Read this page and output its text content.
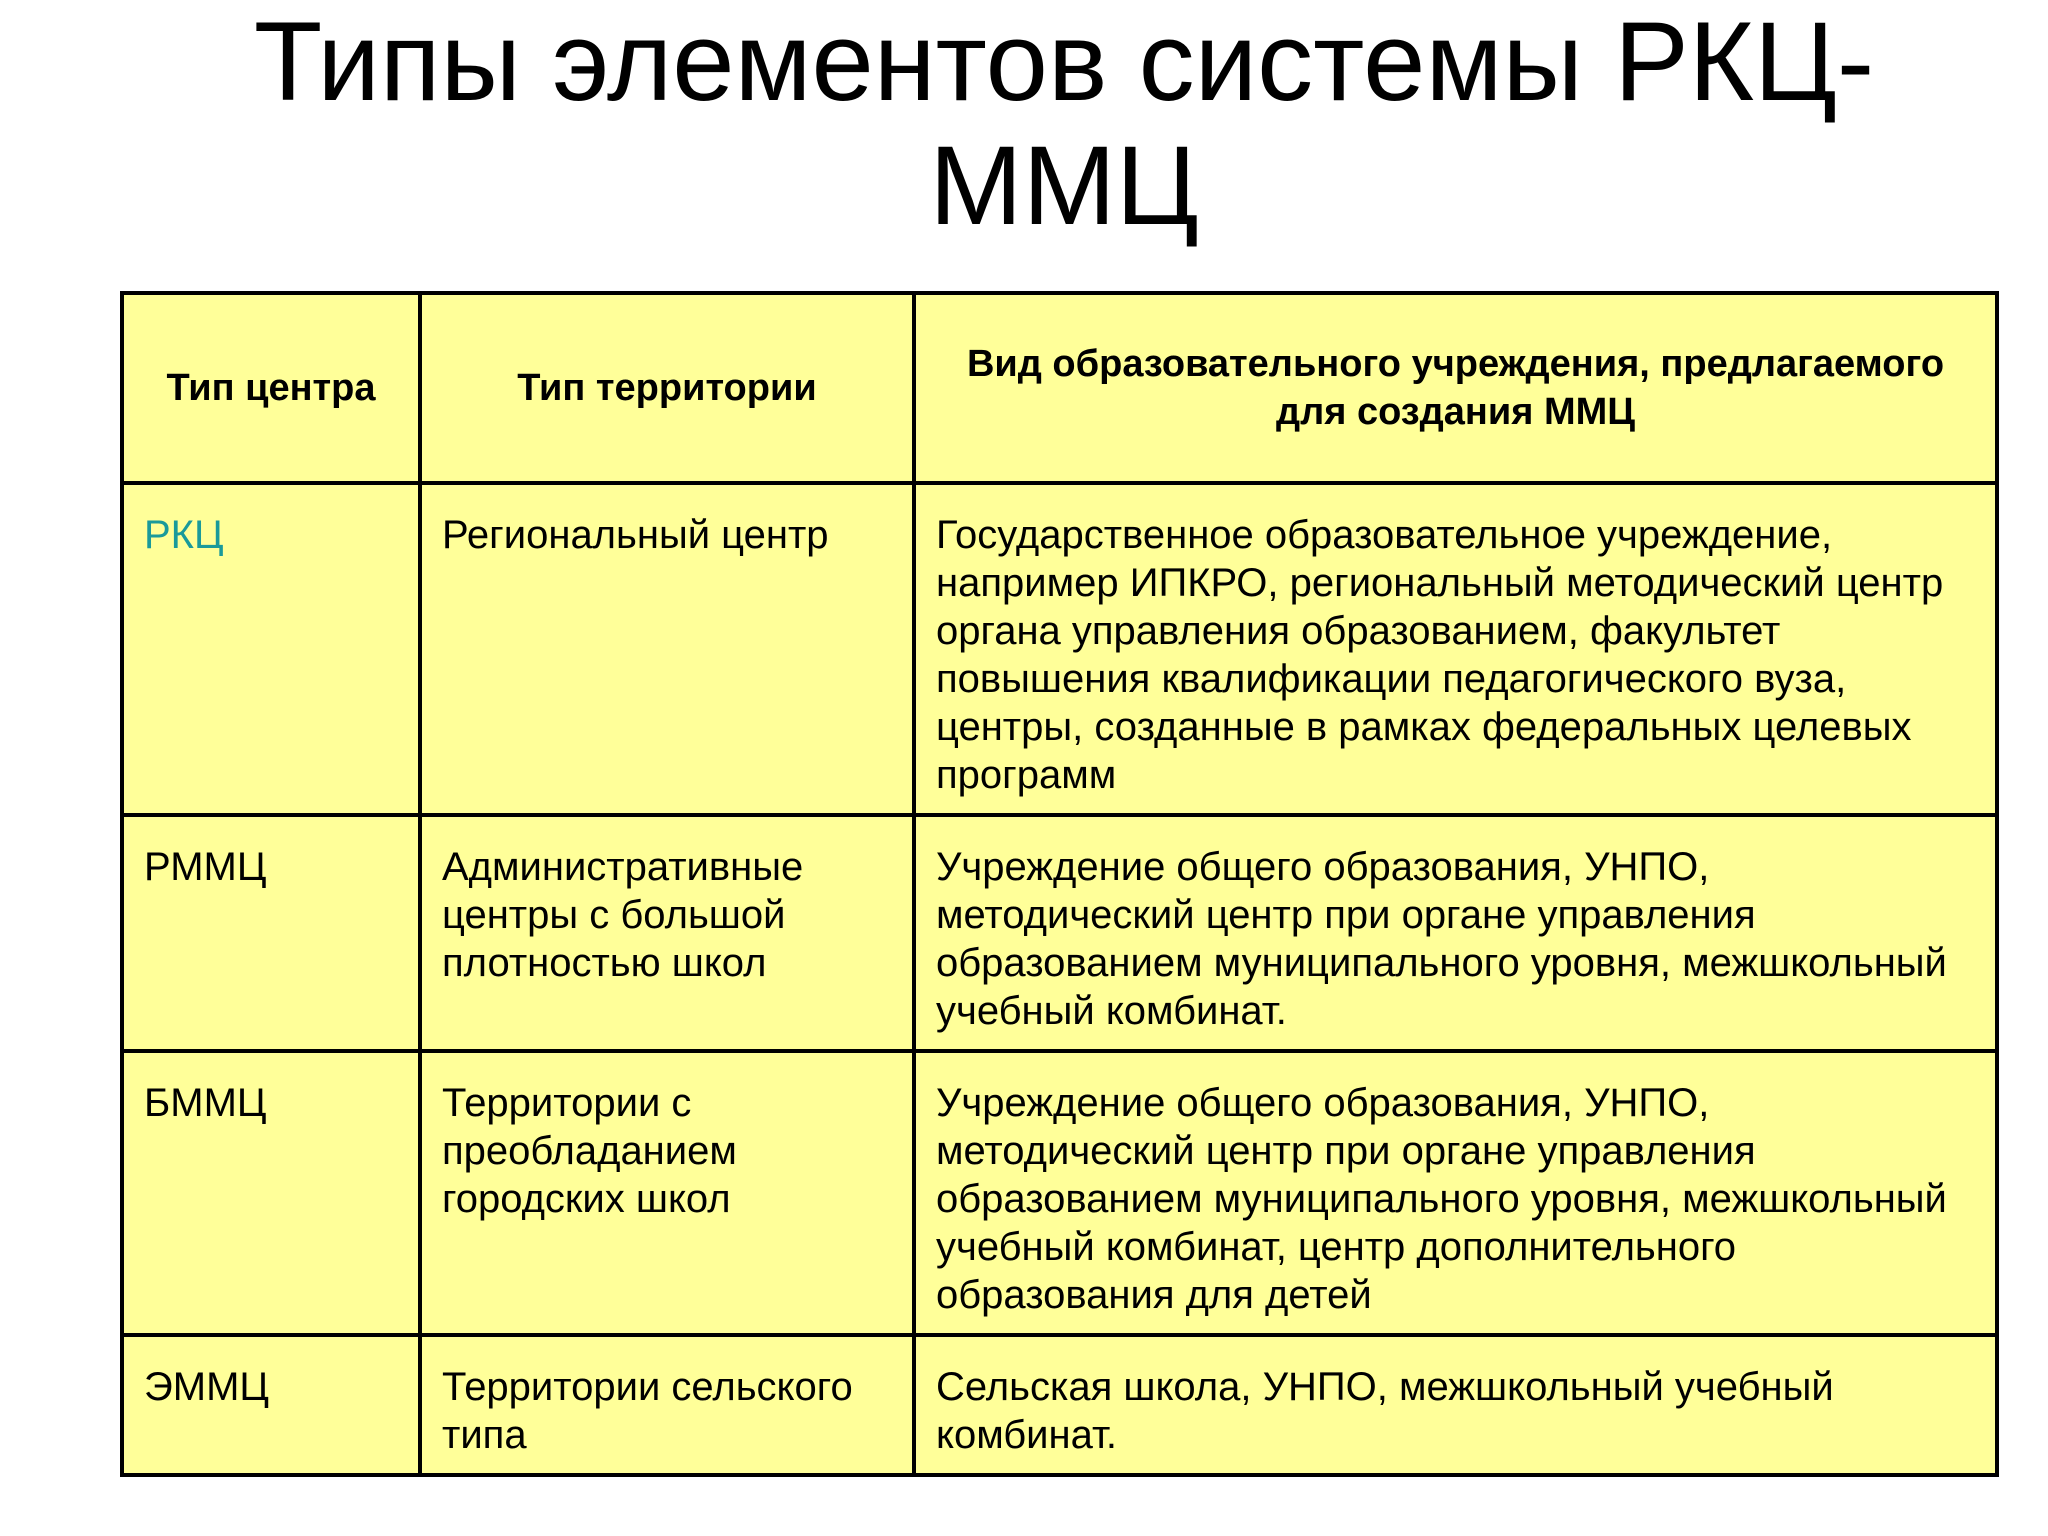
Типы элементов системы РКЦ-
ММЦ
Тип центра	Тип территории	Вид образовательного учреждения, предлагаемого для создания ММЦ
РКЦ	Региональный центр	Государственное образовательное учреждение, например ИПКРО, региональный методический центр органа управления образованием, факультет повышения квалификации педагогического вуза, центры, созданные в рамках федеральных целевых программ
РММЦ	Административные центры с большой плотностью школ	Учреждение общего образования, УНПО, методический центр при органе управления образованием муниципального уровня, межшкольный учебный комбинат.
БММЦ	Территории с преобладанием городских школ	Учреждение общего образования, УНПО, методический центр при органе управления образованием муниципального уровня, межшкольный учебный комбинат, центр дополнительного образования для детей
ЭММЦ	Территории сельского типа	Сельская школа, УНПО, межшкольный учебный комбинат.
